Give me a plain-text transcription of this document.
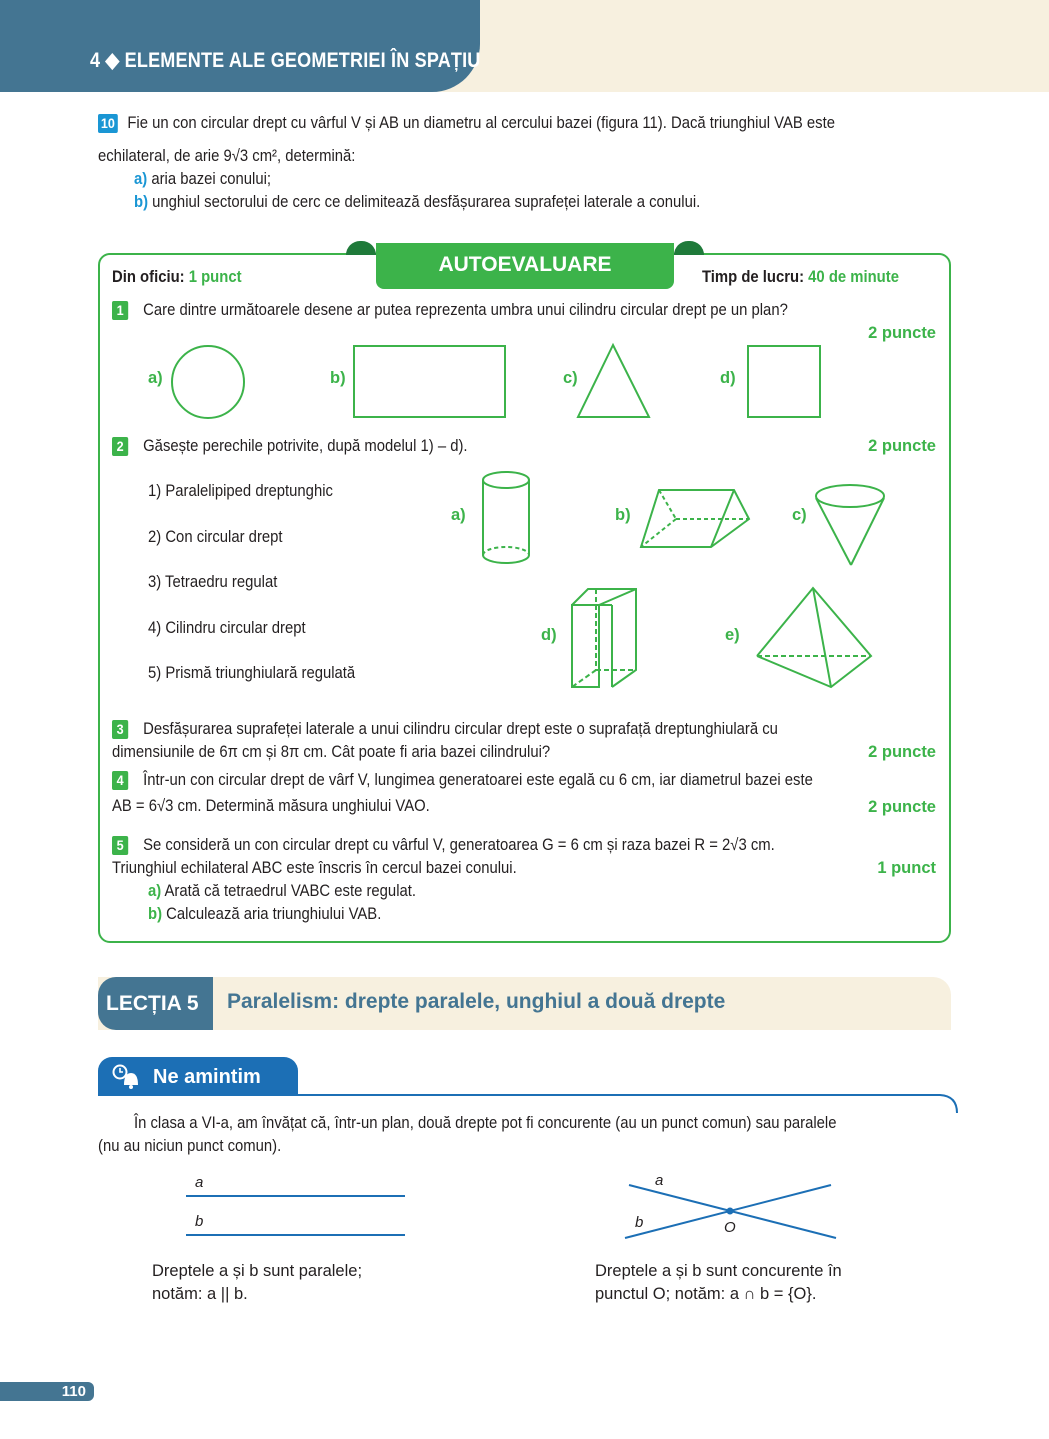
4 ◆ ELEMENTE ALE GEOMETRIEI ÎN SPAȚIU
10 Fie un con circular drept cu vârful V și AB un diametru al cercului bazei (figura 11). Dacă triunghiul VAB este
echilateral, de arie 9√3 cm², determină:
a) aria bazei conului;
b) unghiul sectorului de cerc ce delimitează desfășurarea suprafeței laterale a conului.
AUTOEVALUARE
Din oficiu: 1 punct	Timp de lucru: 40 de minute
1 Care dintre următoarele desene ar putea reprezenta umbra unui cilindru circular drept pe un plan?
2 puncte
a)	b)	c)	d)
2 Găsește perechile potrivite, după modelul 1) – d).	2 puncte
1) Paralelipiped dreptunghic
2) Con circular drept
3) Tetraedru regulat
4) Cilindru circular drept
5) Prismă triunghiulară regulată
a)	b)	c)
d)	e)
3 Desfășurarea suprafeței laterale a unui cilindru circular drept este o suprafață dreptunghiulară cu
dimensiunile de 6π cm și 8π cm. Cât poate fi aria bazei cilindrului?	2 puncte
4 Într-un con circular drept de vârf V, lungimea generatoarei este egală cu 6 cm, iar diametrul bazei este
AB = 6√3 cm. Determină măsura unghiului VAO.	2 puncte
5 Se consideră un con circular drept cu vârful V, generatoarea G = 6 cm și raza bazei R = 2√3 cm.
Triunghiul echilateral ABC este înscris în cercul bazei conului.	1 punct
a) Arată că tetraedrul VABC este regulat.
b) Calculează aria triunghiului VAB.
LECȚIA 5	Paralelism: drepte paralele, unghiul a două drepte
Ne amintim
În clasa a VI-a, am învățat că, într-un plan, două drepte pot fi concurente (au un punct comun) sau paralele
(nu au niciun punct comun).
a
b
Dreptele a și b sunt paralele;
notăm: a || b.
a
b	O
Dreptele a și b sunt concurente în
punctul O; notăm: a ∩ b = {O}.
110
